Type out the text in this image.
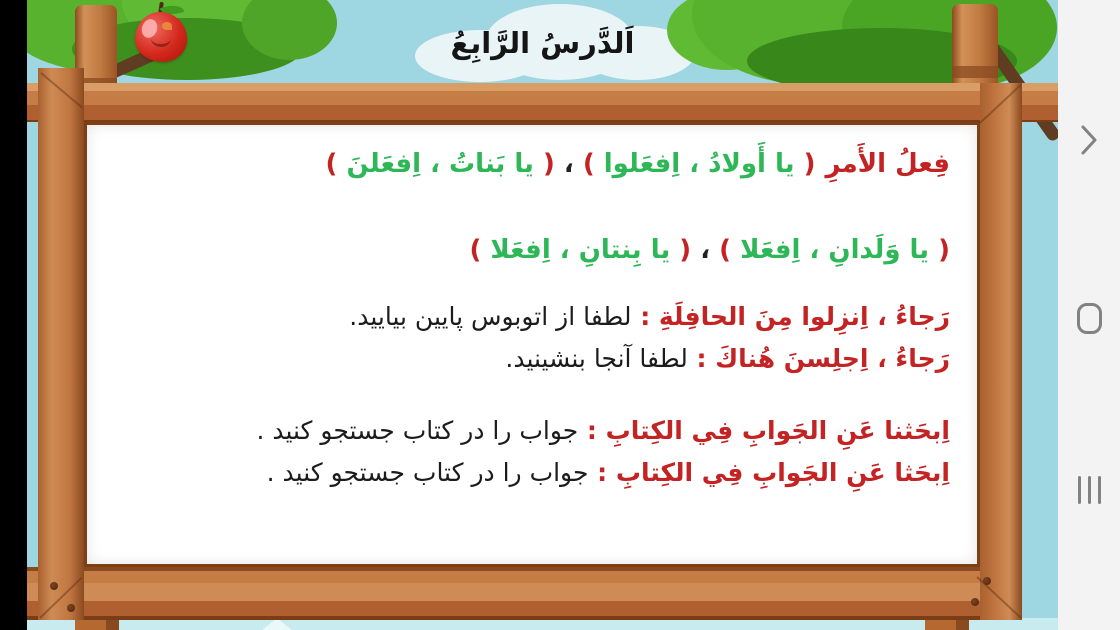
اَلدَّرسُ الرَّابِعُ
فِعلُ الأَمرِ( يا أَولادُ ، اِفعَلوا ) ، ( يا بَناتُ ، اِفعَلنَ )
( يا وَلَدانِ ، اِفعَلا ) ، ( يا بِنتانِ ، اِفعَلا )
رَجاءُ ، اِنزِلوا مِنَ الحافِلَةِ : لطفا از اتوبوس پایین بیایید.
رَجاءُ ، اِجلِسنَ هُناكَ : لطفا آنجا بنشینید.
اِبحَثنا عَنِ الجَوابِ فِي الكِتابِ : جواب را در كتاب جستجو كنيد .
اِبحَثا عَنِ الجَوابِ فِي الكِتابِ : جواب را در كتاب جستجو كنيد .
